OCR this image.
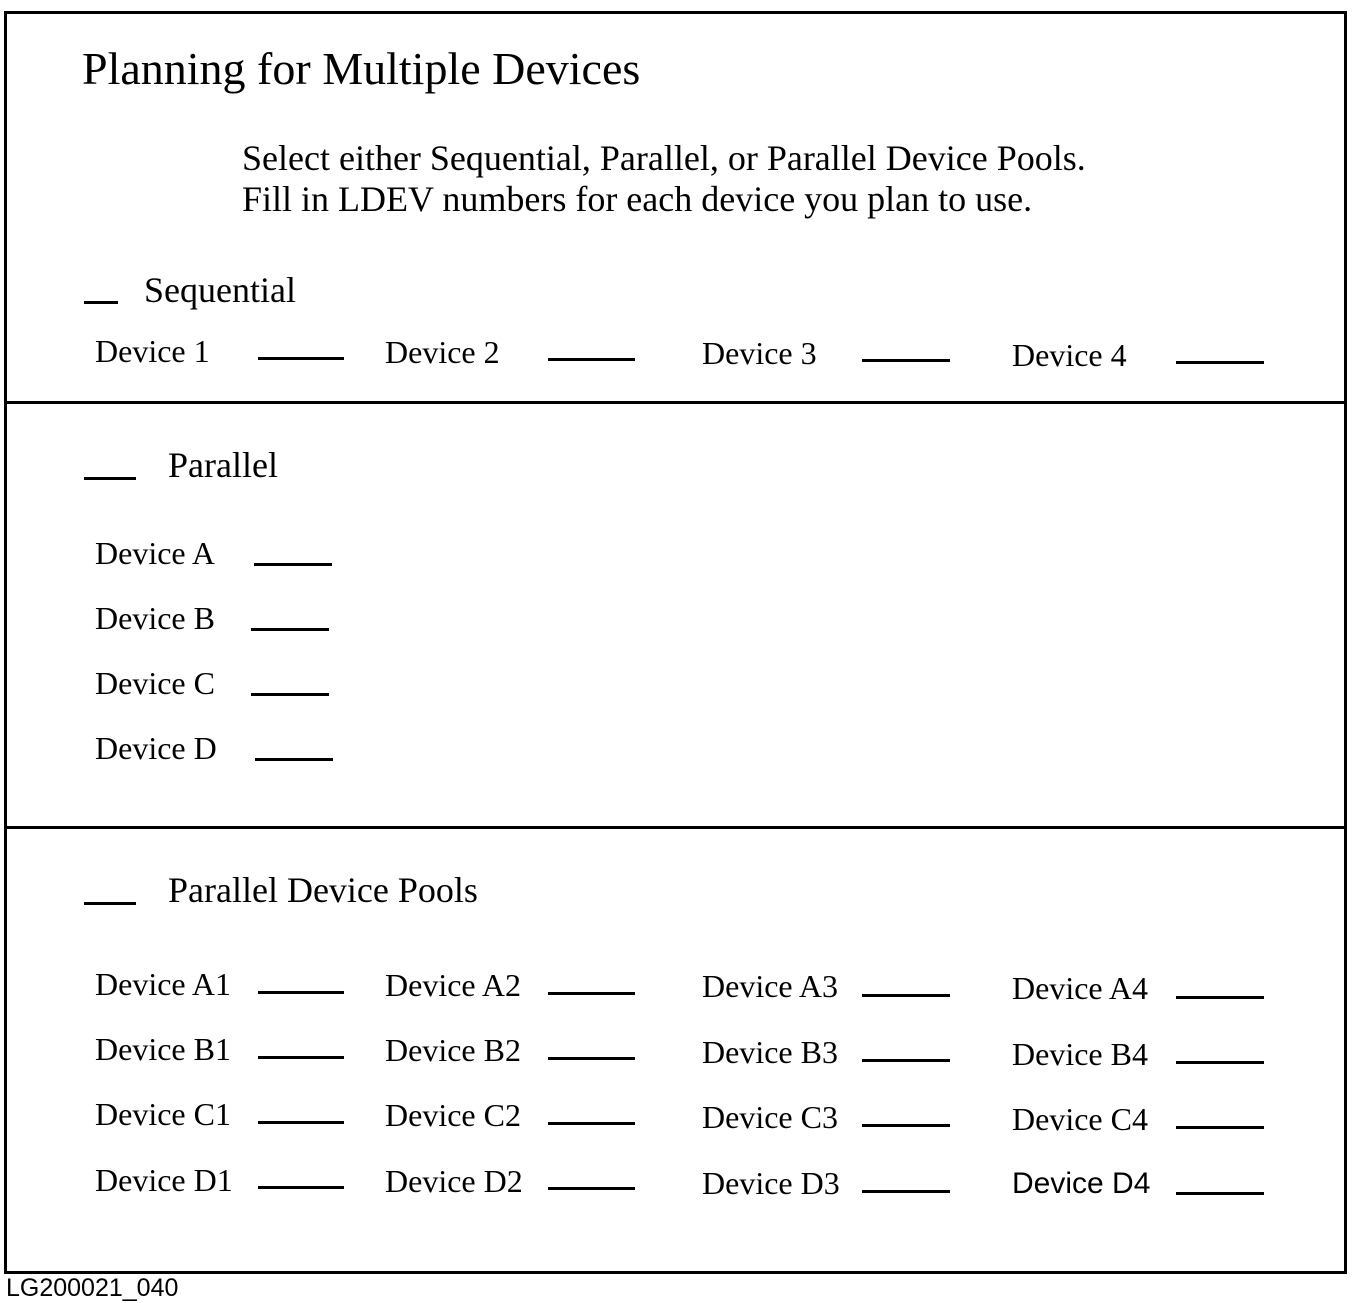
Planning for Multiple Devices
Select either Sequential, Parallel, or Parallel Device Pools.
Fill in LDEV numbers for each device you plan to use.
Sequential
Device 1	Device 2	Device 3	Device 4
Parallel
Device A
Device B
Device C
Device D
Parallel Device Pools
Device A1	Device A2	Device A3	Device A4
Device B1	Device B2	Device B3	Device B4
Device C1	Device C2	Device C3	Device C4
Device D1	Device D2	Device D3	Device D4
LG200021_040
